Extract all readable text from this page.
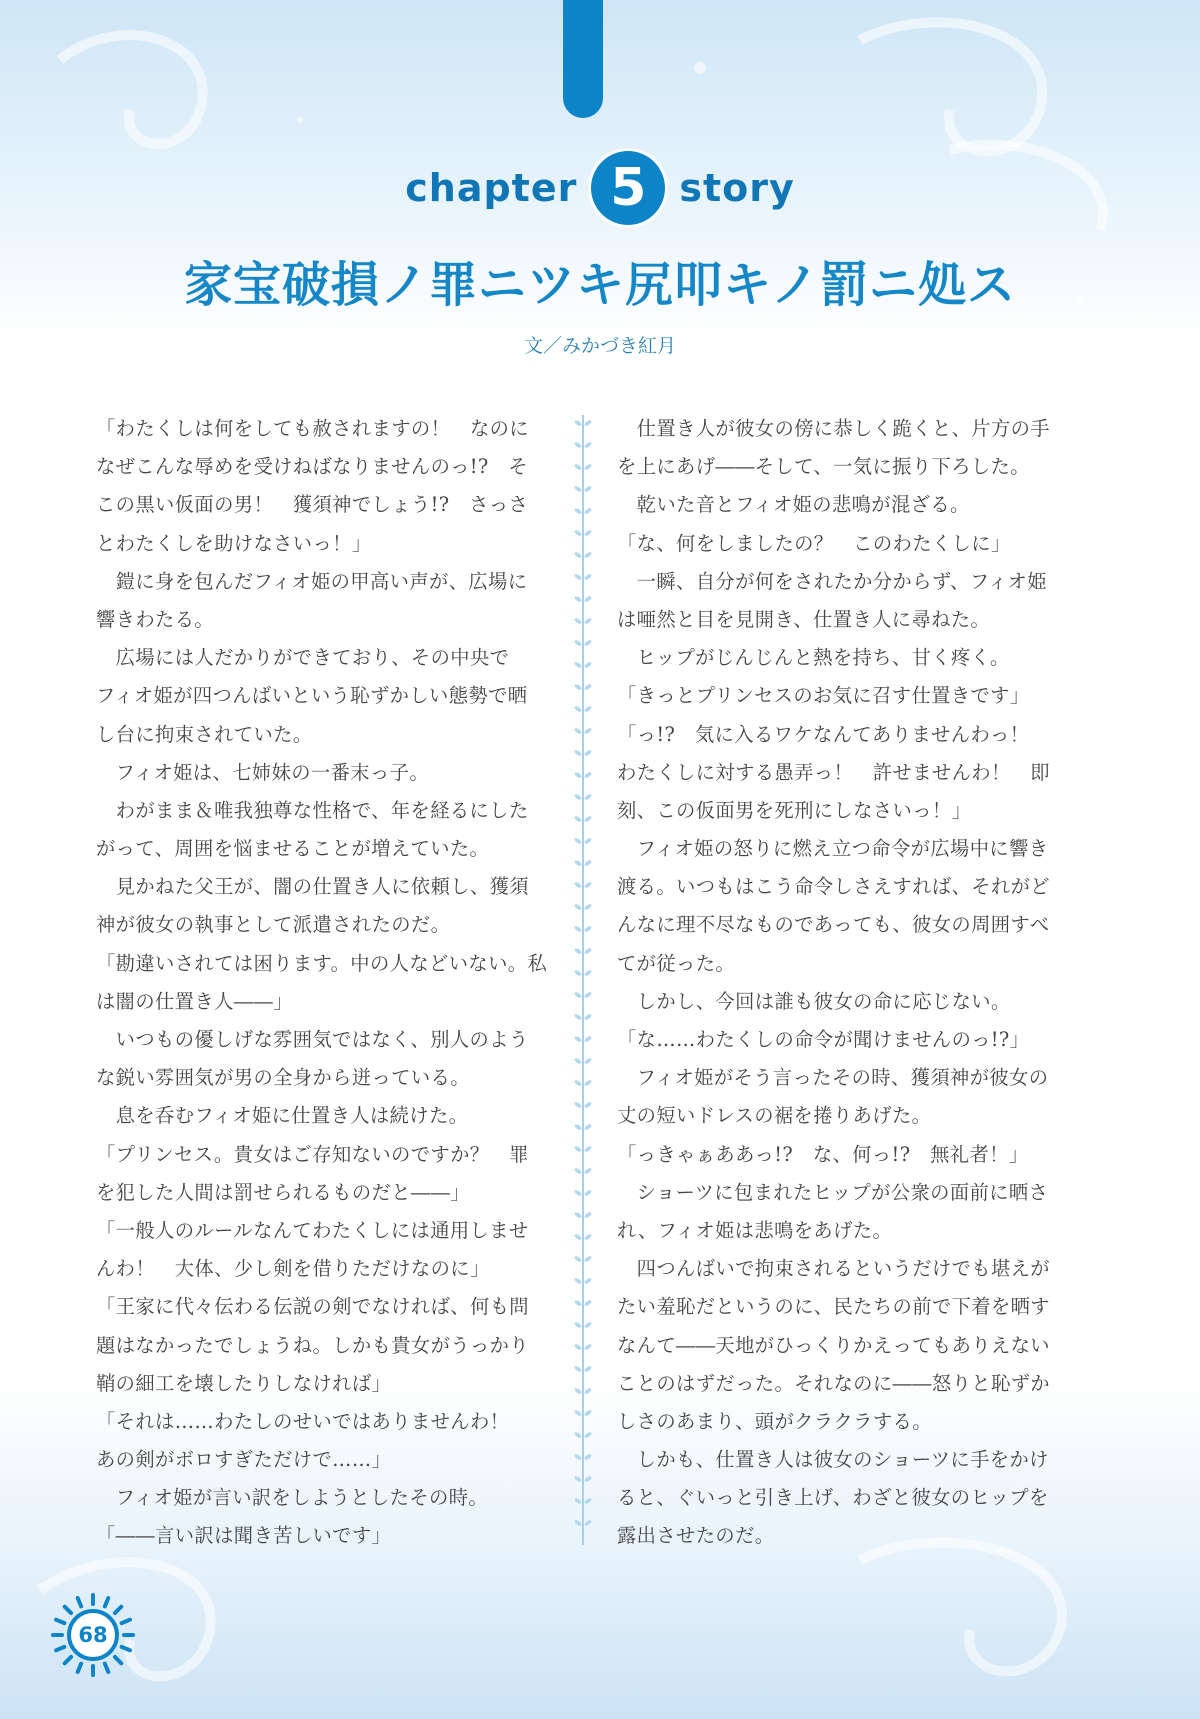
chapter 5 story
家宝破損ノ罪ニツキ尻叩キノ罰ニ処ス
文／みかづき紅月
「わたくしは何をしても赦されますの！　なのに
なぜこんな辱めを受けねばなりませんのっ!?　そ
この黒い仮面の男！　獲須神でしょう!?　さっさ
とわたくしを助けなさいっ！」
　鎧に身を包んだフィオ姫の甲高い声が、広場に
響きわたる。
　広場には人だかりができており、その中央で
フィオ姫が四つんばいという恥ずかしい態勢で晒
し台に拘束されていた。
　フィオ姫は、七姉妹の一番末っ子。
　わがまま＆唯我独尊な性格で、年を経るにした
がって、周囲を悩ませることが増えていた。
　見かねた父王が、闇の仕置き人に依頼し、獲須
神が彼女の執事として派遣されたのだ。
「勘違いされては困ります。中の人などいない。私
は闇の仕置き人――」
　いつもの優しげな雰囲気ではなく、別人のよう
な鋭い雰囲気が男の全身から迸っている。
　息を呑むフィオ姫に仕置き人は続けた。
「プリンセス。貴女はご存知ないのですか？　罪
を犯した人間は罰せられるものだと――」
「一般人のルールなんてわたくしには通用しませ
んわ！　大体、少し剣を借りただけなのに」
「王家に代々伝わる伝説の剣でなければ、何も問
題はなかったでしょうね。しかも貴女がうっかり
鞘の細工を壊したりしなければ」
「それは……わたしのせいではありませんわ！
あの剣がボロすぎただけで……」
　フィオ姫が言い訳をしようとしたその時。
「――言い訳は聞き苦しいです」
　仕置き人が彼女の傍に恭しく跪くと、片方の手
を上にあげ――そして、一気に振り下ろした。
　乾いた音とフィオ姫の悲鳴が混ざる。
「な、何をしましたの？　このわたくしに」
　一瞬、自分が何をされたか分からず、フィオ姫
は唖然と目を見開き、仕置き人に尋ねた。
　ヒップがじんじんと熱を持ち、甘く疼く。
「きっとプリンセスのお気に召す仕置きです」
「っ!?　気に入るワケなんてありませんわっ！
わたくしに対する愚弄っ！　許せませんわ！　即
刻、この仮面男を死刑にしなさいっ！」
　フィオ姫の怒りに燃え立つ命令が広場中に響き
渡る。いつもはこう命令しさえすれば、それがど
んなに理不尽なものであっても、彼女の周囲すべ
てが従った。
　しかし、今回は誰も彼女の命に応じない。
「な……わたくしの命令が聞けませんのっ!?」
　フィオ姫がそう言ったその時、獲須神が彼女の
丈の短いドレスの裾を捲りあげた。
「っきゃぁああっ!?　な、何っ!?　無礼者！」
　ショーツに包まれたヒップが公衆の面前に晒さ
れ、フィオ姫は悲鳴をあげた。
　四つんばいで拘束されるというだけでも堪えが
たい羞恥だというのに、民たちの前で下着を晒す
なんて――天地がひっくりかえってもありえない
ことのはずだった。それなのに――怒りと恥ずか
しさのあまり、頭がクラクラする。
　しかも、仕置き人は彼女のショーツに手をかけ
ると、ぐいっと引き上げ、わざと彼女のヒップを
露出させたのだ。
68
